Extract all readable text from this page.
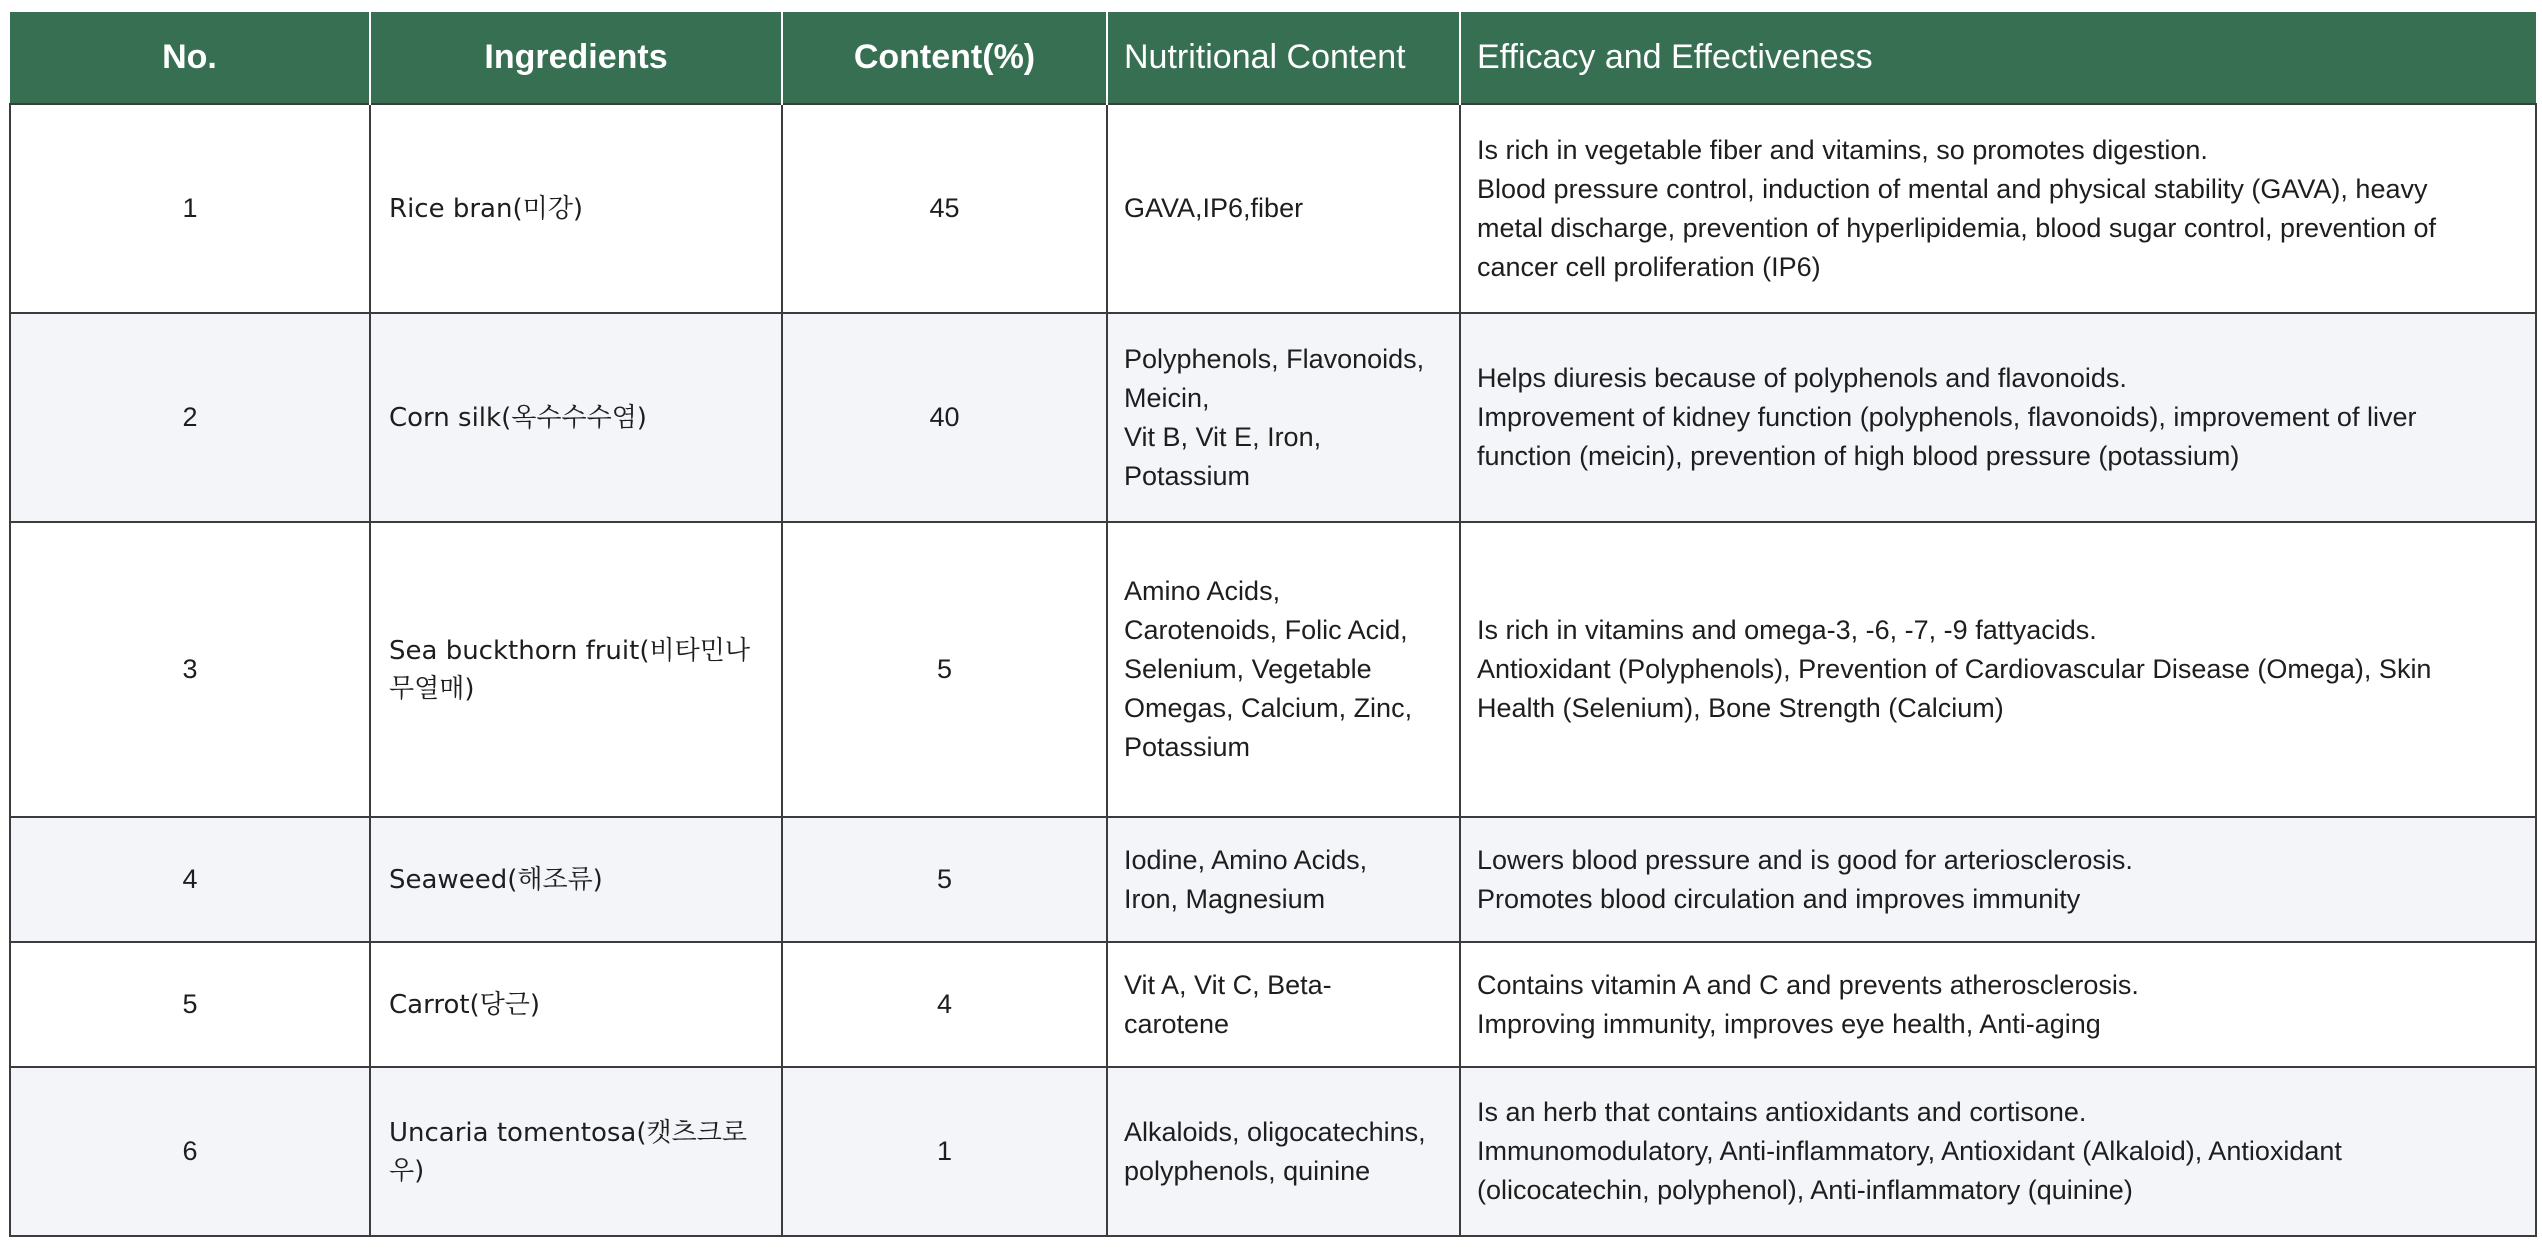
No.	Ingredients	Content(%)	Nutritional Content	Efficacy and Effectiveness
1	Rice bran(미강)	45	GAVA,IP6,fiber	Is rich in vegetable fiber and vitamins, so promotes digestion.
Blood pressure control, induction of mental and physical stability (GAVA), heavy
metal discharge, prevention of hyperlipidemia, blood sugar control, prevention of
cancer cell proliferation (IP6)

2	Corn silk(옥수수수염)	40	Polyphenols, Flavonoids,
Meicin,
Vit B, Vit E, Iron,
Potassium	Helps diuresis because of polyphenols and flavonoids.
Improvement of kidney function (polyphenols, flavonoids), improvement of liver
function (meicin), prevention of high blood pressure (potassium)

3	Sea buckthorn fruit(비타민나
무열매)	5	Amino Acids,
Carotenoids, Folic Acid,
Selenium, Vegetable
Omegas, Calcium, Zinc,
Potassium	Is rich in vitamins and omega-3, -6, -7, -9 fattyacids.
Antioxidant (Polyphenols), Prevention of Cardiovascular Disease (Omega), Skin
Health (Selenium), Bone Strength (Calcium)

4	Seaweed(해조류)	5	Iodine, Amino Acids,
Iron, Magnesium	Lowers blood pressure and is good for arteriosclerosis.
Promotes blood circulation and improves immunity

5	Carrot(당근)	4	Vit A, Vit C, Beta-
carotene	Contains vitamin A and C and prevents atherosclerosis.
Improving immunity, improves eye health, Anti-aging

6	Uncaria tomentosa(캣츠크로
우)	1	Alkaloids, oligocatechins,
polyphenols, quinine	Is an herb that contains antioxidants and cortisone.
Immunomodulatory, Anti-inflammatory, Antioxidant (Alkaloid), Antioxidant
(olicocatechin, polyphenol), Anti-inflammatory (quinine)
